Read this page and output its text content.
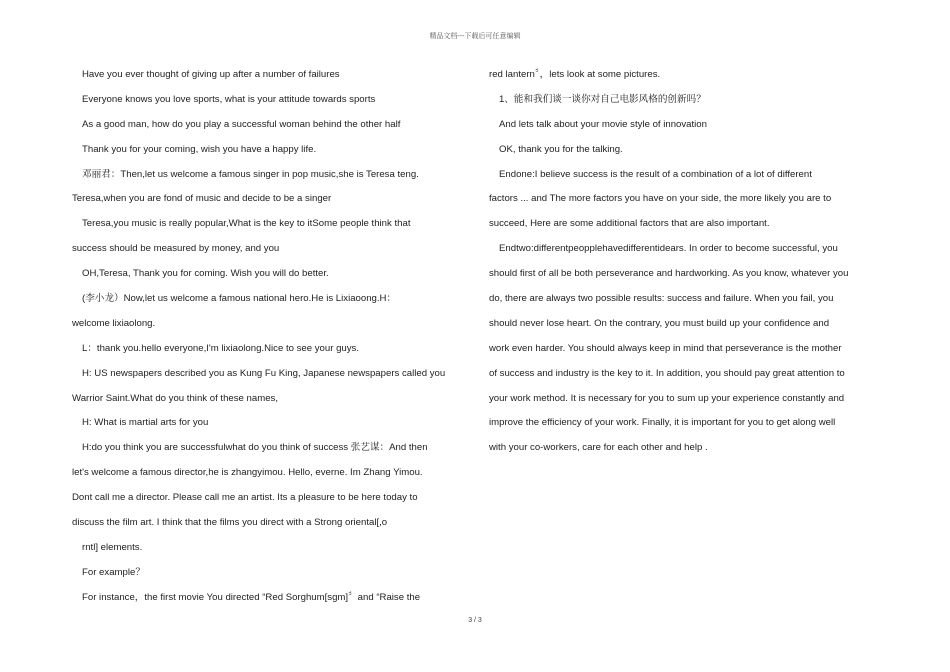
精品文档---下载后可任意编辑
Have you ever thought of giving up after a number of failures
Everyone knows you love sports, what is your attitude towards sports
As a good man, how do you play a successful woman behind the other half
Thank you for your coming, wish you have a happy life.
邓丽君：Then,let us welcome a famous singer in pop music,she is Teresa teng.
Teresa,when you are fond of music and decide to be a singer
Teresa,you music is really popular,What is the key to itSome people think that
success should be measured by money, and you
OH,Teresa, Thank you for coming. Wish you will do better.
(李小龙）Now,let us welcome a famous national hero.He is Lixiaoong.H：
welcome lixiaolong.
L：thank you.hello everyone,I'm lixiaolong.Nice to see your guys.
H: US newspapers described you as Kung Fu King, Japanese newspapers called you
Warrior Saint.What do you think of these names,
H: What is martial arts for you
H:do you think you are successfulwhat do you think of success 张艺谋：And then
let's welcome a famous director,he is zhangyimou. Hello, everne. Im Zhang Yimou.
Dont call me a director. Please call me an artist. Its a pleasure to be here today to
discuss the film art. I think that the films you direct with a Strong oriental[,o
rntl] elements.
For example？
For instance，the first movie You directed “Red Sorghum[sgm]〞and “Raise the
red lantern〞，lets look at some pictures.
1、能和我们谈一谈你对自己电影风格的创新吗？
And lets talk about your movie style of innovation
OK, thank you for the talking.
Endone:I believe success is the result of a combination of a lot of different
factors ... and The more factors you have on your side, the more likely you are to
succeed, Here are some additional factors that are also important.
Endtwo:differentpeopplehavedifferentidears. In order to become successful, you
should first of all be both perseverance and hardworking. As you know, whatever you
do, there are always two possible results: success and failure. When you fail, you
should never lose heart. On the contrary, you must build up your confidence and
work even harder. You should always keep in mind that perseverance is the mother
of success and industry is the key to it. In addition, you should pay great attention to
your work method. It is necessary for you to sum up your experience constantly and
improve the efficiency of your work. Finally, it is important for you to get along well
with your co-workers, care for each other and help .
3 / 3
